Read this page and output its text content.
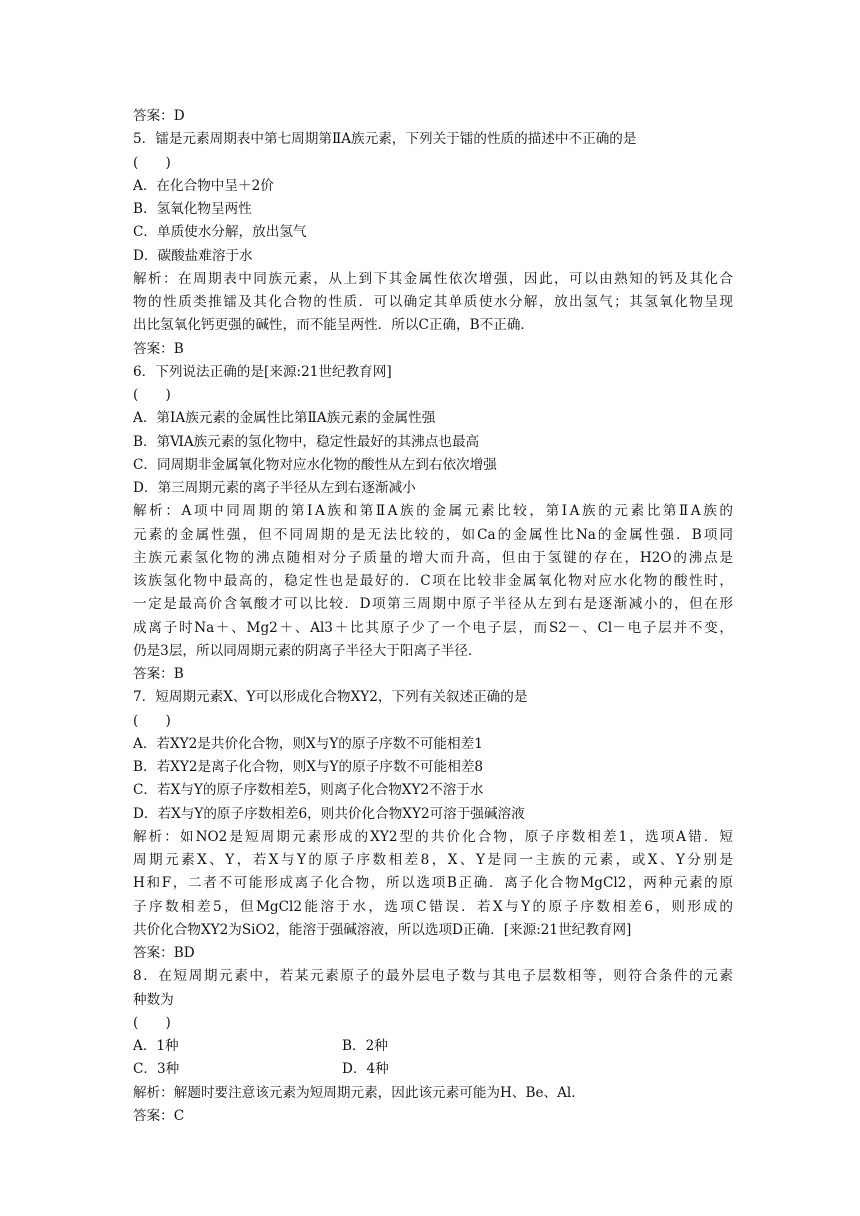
答案：D
5．镭是元素周期表中第七周期第ⅡA族元素，下列关于镭的性质的描述中不正确的是
(　　)
A．在化合物中呈＋2价
B．氢氧化物呈两性
C．单质使水分解，放出氢气
D．碳酸盐难溶于水
解析：在周期表中同族元素，从上到下其金属性依次增强，因此，可以由熟知的钙及其化合
物的性质类推镭及其化合物的性质．可以确定其单质使水分解，放出氢气；其氢氧化物呈现
出比氢氧化钙更强的碱性，而不能呈两性．所以C正确，B不正确．
答案：B
6．下列说法正确的是[来源:21世纪教育网]
(　　)
A．第ⅠA族元素的金属性比第ⅡA族元素的金属性强
B．第ⅥA族元素的氢化物中，稳定性最好的其沸点也最高
C．同周期非金属氧化物对应水化物的酸性从左到右依次增强
D．第三周期元素的离子半径从左到右逐渐减小
解析：A项中同周期的第ⅠA族和第ⅡA族的金属元素比较，第ⅠA族的元素比第ⅡA族的
元素的金属性强，但不同周期的是无法比较的，如Ca的金属性比Na的金属性强．B项同
主族元素氢化物的沸点随相对分子质量的增大而升高，但由于氢键的存在，H2O的沸点是
该族氢化物中最高的，稳定性也是最好的．C项在比较非金属氧化物对应水化物的酸性时，
一定是最高价含氧酸才可以比较．D项第三周期中原子半径从左到右是逐渐减小的，但在形
成离子时Na＋、Mg2＋、Al3＋比其原子少了一个电子层，而S2－、Cl－电子层并不变，
仍是3层，所以同周期元素的阴离子半径大于阳离子半径．
答案：B
7．短周期元素X、Y可以形成化合物XY2，下列有关叙述正确的是
(　　)
A．若XY2是共价化合物，则X与Y的原子序数不可能相差1
B．若XY2是离子化合物，则X与Y的原子序数不可能相差8
C．若X与Y的原子序数相差5，则离子化合物XY2不溶于水
D．若X与Y的原子序数相差6，则共价化合物XY2可溶于强碱溶液
解析：如NO2是短周期元素形成的XY2型的共价化合物，原子序数相差1，选项A错．短
周期元素X、Y，若X与Y的原子序数相差8，X、Y是同一主族的元素，或X、Y分别是
H和F，二者不可能形成离子化合物，所以选项B正确．离子化合物MgCl2，两种元素的原
子序数相差5，但MgCl2能溶于水，选项C错误．若X与Y的原子序数相差6，则形成的
共价化合物XY2为SiO2，能溶于强碱溶液，所以选项D正确．[来源:21世纪教育网]
答案：BD
8．在短周期元素中，若某元素原子的最外层电子数与其电子层数相等，则符合条件的元素
种数为
(　　)
A．1种	B．2种
C．3种	D．4种
解析：解题时要注意该元素为短周期元素，因此该元素可能为H、Be、Al.
答案：C
